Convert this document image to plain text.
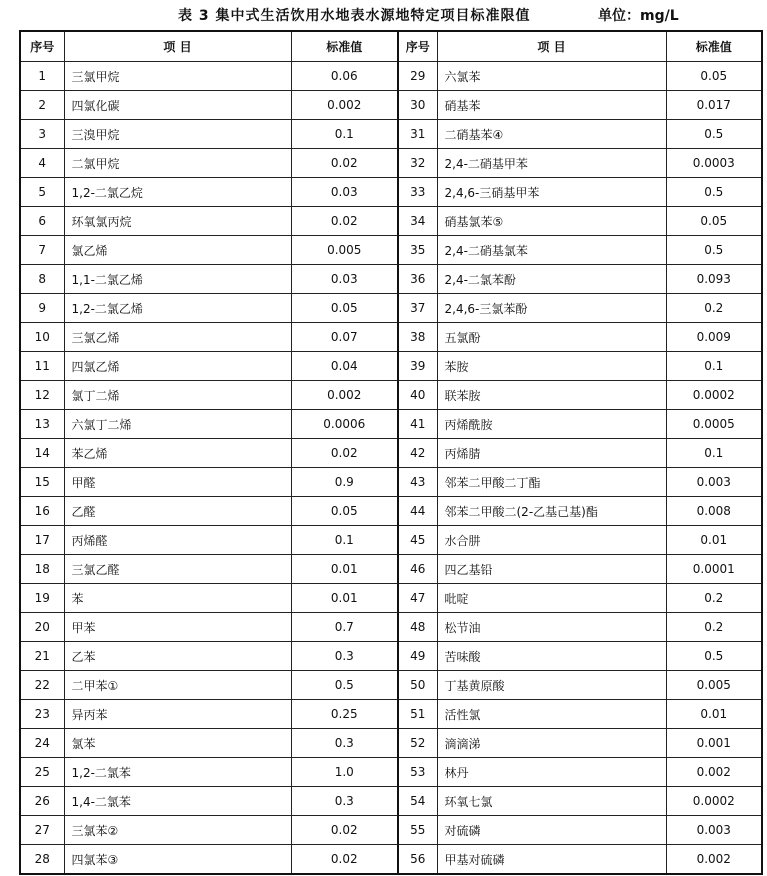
表 3 集中式生活饮用水地表水源地特定项目标准限值	单位：mg/L
序号	项 目	标准值	序号	项 目	标准值
1	三氯甲烷	0.06	29	六氯苯	0.05
2	四氯化碳	0.002	30	硝基苯	0.017
3	三溴甲烷	0.1	31	二硝基苯④	0.5
4	二氯甲烷	0.02	32	2,4-二硝基甲苯	0.0003
5	1,2-二氯乙烷	0.03	33	2,4,6-三硝基甲苯	0.5
6	环氧氯丙烷	0.02	34	硝基氯苯⑤	0.05
7	氯乙烯	0.005	35	2,4-二硝基氯苯	0.5
8	1,1-二氯乙烯	0.03	36	2,4-二氯苯酚	0.093
9	1,2-二氯乙烯	0.05	37	2,4,6-三氯苯酚	0.2
10	三氯乙烯	0.07	38	五氯酚	0.009
11	四氯乙烯	0.04	39	苯胺	0.1
12	氯丁二烯	0.002	40	联苯胺	0.0002
13	六氯丁二烯	0.0006	41	丙烯酰胺	0.0005
14	苯乙烯	0.02	42	丙烯腈	0.1
15	甲醛	0.9	43	邻苯二甲酸二丁酯	0.003
16	乙醛	0.05	44	邻苯二甲酸二(2-乙基己基)酯	0.008
17	丙烯醛	0.1	45	水合肼	0.01
18	三氯乙醛	0.01	46	四乙基铅	0.0001
19	苯	0.01	47	吡啶	0.2
20	甲苯	0.7	48	松节油	0.2
21	乙苯	0.3	49	苦味酸	0.5
22	二甲苯①	0.5	50	丁基黄原酸	0.005
23	异丙苯	0.25	51	活性氯	0.01
24	氯苯	0.3	52	滴滴涕	0.001
25	1,2-二氯苯	1.0	53	林丹	0.002
26	1,4-二氯苯	0.3	54	环氧七氯	0.0002
27	三氯苯②	0.02	55	对硫磷	0.003
28	四氯苯③	0.02	56	甲基对硫磷	0.002
